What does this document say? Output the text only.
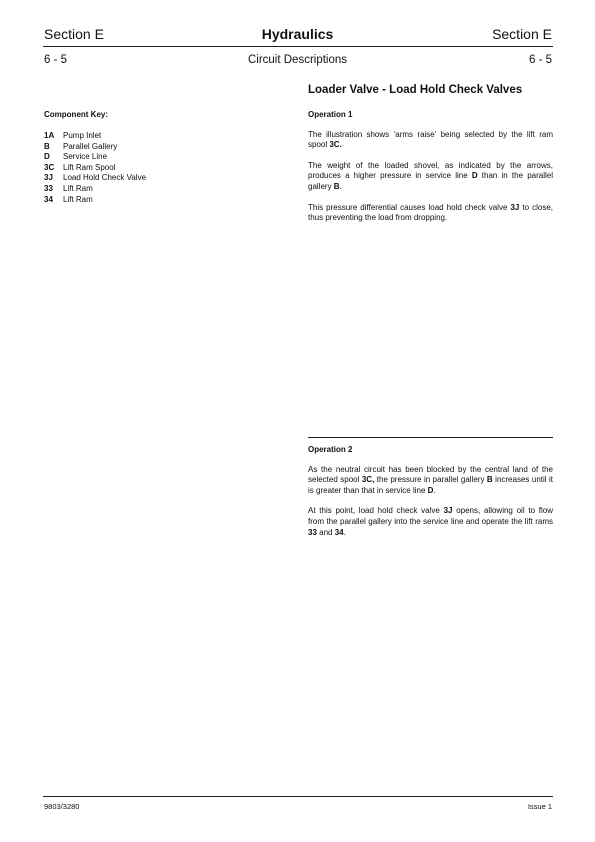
Section E	Hydraulics	Section E
6 - 5	Circuit Descriptions	6 - 5
Component Key:
1A	Pump Inlet
B	Parallel Gallery
D	Service Line
3C	Lift Ram Spool
3J	Load Hold Check Valve
33	Lift Ram
34	Lift Ram
Loader Valve - Load Hold Check Valves
Operation 1

The illustration shows ‘arms raise’ being selected by the lift ram spool 3C.

The weight of the loaded shovel, as indicated by the arrows, produces a higher pressure in service line D than in the parallel gallery B.

This pressure differential causes load hold check valve 3J to close, thus preventing the load from dropping.

Operation 2

As the neutral circuit has been blocked by the central land of the selected spool 3C, the pressure in parallel gallery B increases until it is greater than that in service line D.

At this point, load hold check valve 3J opens, allowing oil to flow from the parallel gallery into the service line and operate the lift rams 33 and 34.

9803/3280	Issue 1
